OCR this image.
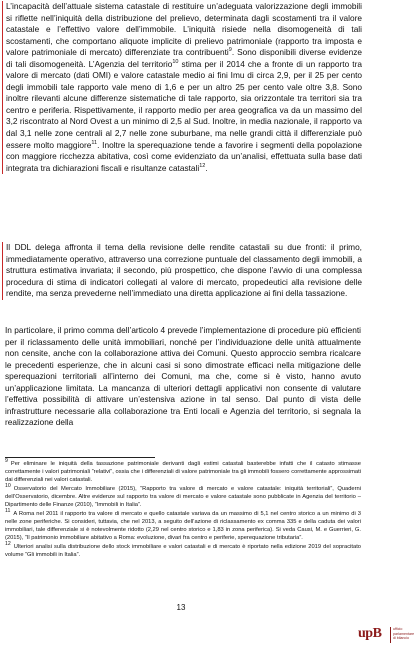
L’incapacità dell’attuale sistema catastale di restituire un’adeguata valorizzazione degli immobili si riflette nell’iniquità della distribuzione del prelievo, determinata dagli scostamenti tra il valore catastale e l’effettivo valore dell’immobile. L’iniquità risiede nella disomogeneità di tali scostamenti, che comportano aliquote implicite di prelievo patrimoniale (rapporto tra imposta e valore patrimoniale di mercato) differenziate tra contribuenti$^9$. Sono disponibili diverse evidenze di tali disomogeneità. L’Agenzia del territorio$^{10}$ stima per il 2014 che a fronte di un rapporto tra valore di mercato (dati OMI) e valore catastale medio ai fini Imu di circa 2,9, per il 25 per cento degli immobili tale rapporto vale meno di 1,6 e per un altro 25 per cento vale oltre 3,8. Sono inoltre rilevanti alcune differenze sistematiche di tale rapporto, sia orizzontale tra territori sia tra centro e periferia. Rispettivamente, il rapporto medio per area geografica va da un massimo del 3,2 riscontrato al Nord Ovest a un minimo di 2,5 al Sud. Inoltre, in media nazionale, il rapporto va dal 3,1 nelle zone centrali al 2,7 nelle zone suburbane, ma nelle grandi città il differenziale può essere molto maggiore$^{11}$. Inoltre la sperequazione tende a favorire i segmenti della popolazione con maggiore ricchezza abitativa, così come evidenziato da un’analisi, effettuata sulla base dati integrata tra dichiarazioni fiscali e risultanze catastali$^{12}$.

Il DDL delega affronta il tema della revisione delle rendite catastali su due fronti: il primo, immediatamente operativo, attraverso una correzione puntuale del classamento degli immobili, a struttura estimativa invariata; il secondo, più prospettico, che dispone l’avvio di una complessa procedura di stima di indicatori collegati al valore di mercato, propedeutici alla revisione delle rendite, ma senza prevederne nell’immediato una diretta applicazione ai fini della tassazione.

In particolare, il primo comma dell’articolo 4 prevede l’implementazione di procedure più efficienti per il riclassamento delle unità immobiliari, nonché per l’individuazione delle unità attualmente non censite, anche con la collaborazione attiva dei Comuni. Questo approccio sembra ricalcare le precedenti esperienze, che in alcuni casi si sono dimostrate efficaci nella mitigazione delle sperequazioni territoriali all’interno dei Comuni, ma che, come si è visto, hanno avuto un’applicazione limitata. La mancanza di ulteriori dettagli applicativi non consente di valutare l’effettiva possibilità di attivare un’estensiva azione in tal senso. Dal punto di vista delle infrastrutture necessarie alla collaborazione tra Enti locali e Agenzia del territorio, si segnala la realizzazione della

9 Per eliminare le iniquità della tassazione patrimoniale derivanti dagli estimi catastali basterebbe infatti che il catasto stimasse correttamente i valori patrimoniali “relativi”, ossia che i differenziali di valore patrimoniale tra gli immobili fossero correttamente approssimati dai differenziali nei valori catastali.

10 Osservatorio del Mercato Immobiliare (2015), “Rapporto tra valore di mercato e valore catastale: iniquità territoriali”, Quaderni dell’Osservatorio, dicembre. Altre evidenze sul rapporto tra valore di mercato e valore catastale sono pubblicate in Agenzia del territorio – Dipartimento delle Finanze (2010), “Immobili in Italia”.

11 A Roma nel 2011 il rapporto tra valore di mercato e quello catastale variava da un massimo di 5,1 nel centro storico a un minimo di 3 nelle zone periferiche. Si consideri, tuttavia, che nel 2013, a seguito dell’azione di riclassamento ex comma 335 e della caduta dei valori immobiliari, tale differenziale si è notevolmente ridotto (2,29 nel centro storico e 1,83 in zona periferica). Si veda Causi, M. e Guerrieri, G. (2015), “Il patrimonio immobiliare abitativo a Roma: evoluzione, divari fra centro e periferie, sperequazione tributaria”.

12 Ulteriori analisi sulla distribuzione dello stock immobiliare e valori catastali e di mercato è riportato nella edizione 2019 del sopracitato volume “Gli immobili in Italia”.

13
upB	ufficio parlamentare di bilancio
